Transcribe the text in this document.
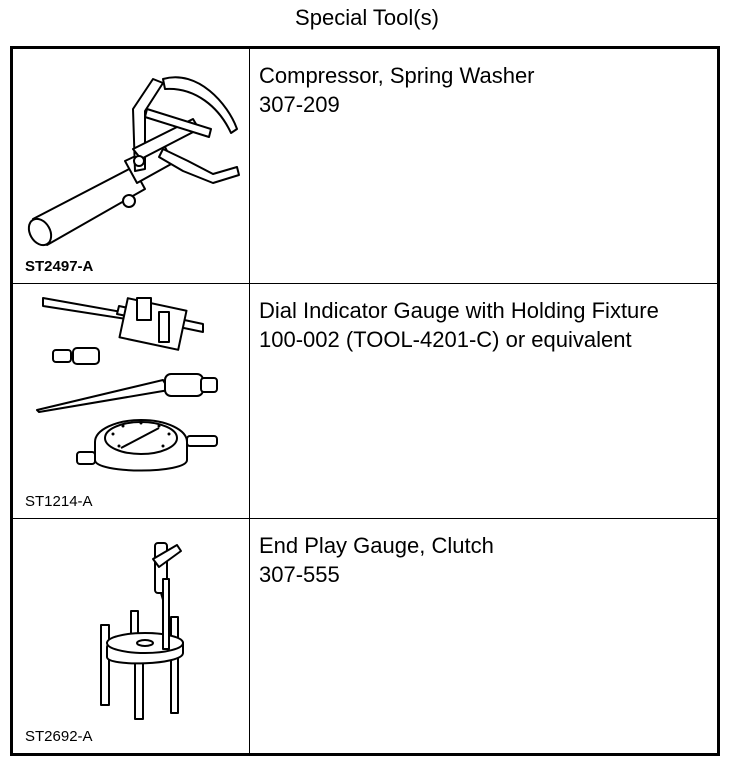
Special Tool(s)
ST2497-A	Compressor, Spring Washer
307-209

ST1214-A	Dial Indicator Gauge with Holding Fixture
100-002 (TOOL-4201-C) or equivalent

ST2692-A	End Play Gauge, Clutch
307-555
